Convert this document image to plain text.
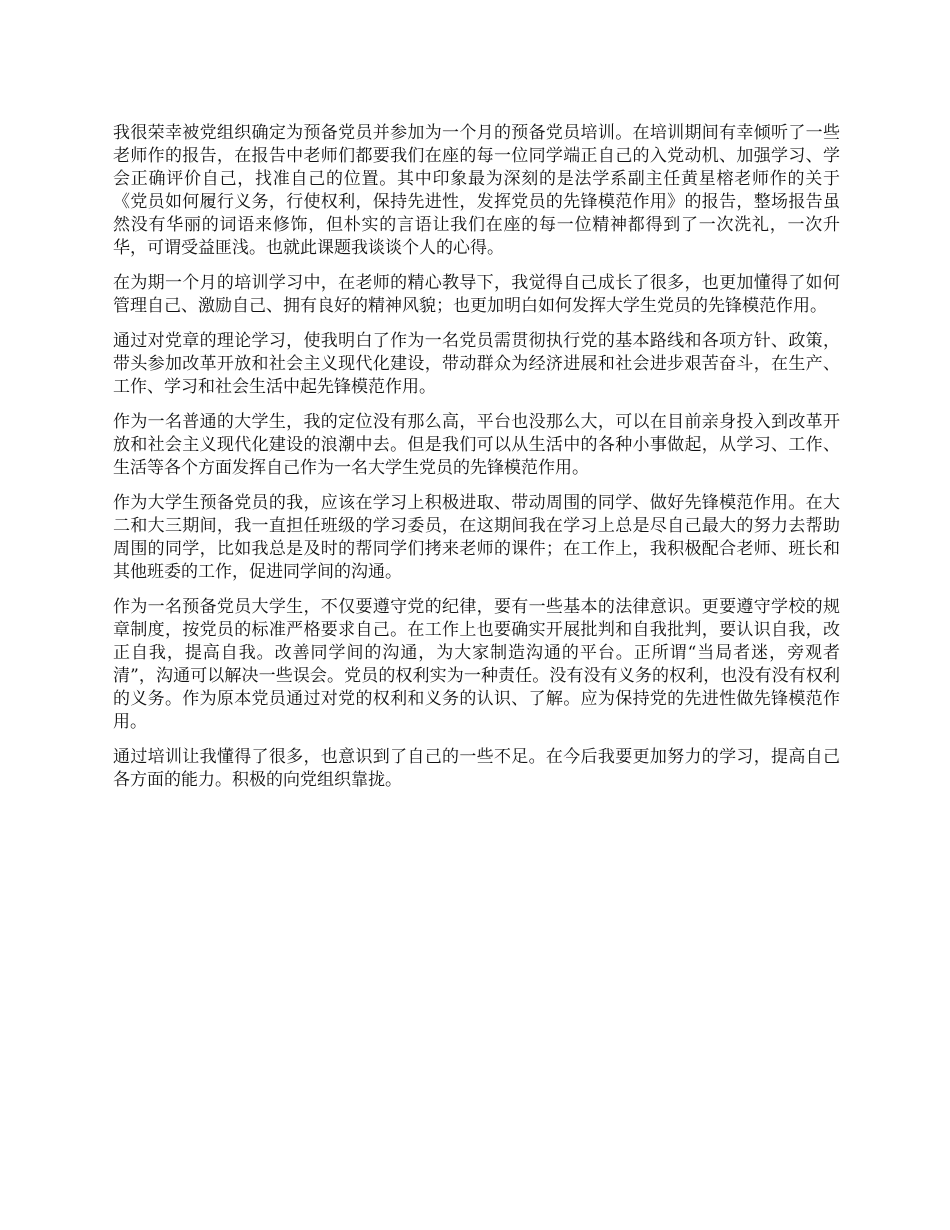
我很荣幸被党组织确定为预备党员并参加为一个月的预备党员培训。在培训期间有幸倾听了一些老师作的报告，在报告中老师们都要我们在座的每一位同学端正自己的入党动机、加强学习、学会正确评价自己，找准自己的位置。其中印象最为深刻的是法学系副主任黄星榕老师作的关于《党员如何履行义务，行使权利，保持先进性，发挥党员的先锋模范作用》的报告，整场报告虽然没有华丽的词语来修饰，但朴实的言语让我们在座的每一位精神都得到了一次洗礼，一次升华，可谓受益匪浅。也就此课题我谈谈个人的心得。

在为期一个月的培训学习中，在老师的精心教导下，我觉得自己成长了很多，也更加懂得了如何管理自己、激励自己、拥有良好的精神风貌；也更加明白如何发挥大学生党员的先锋模范作用。

通过对党章的理论学习，使我明白了作为一名党员需贯彻执行党的基本路线和各项方针、政策，带头参加改革开放和社会主义现代化建设，带动群众为经济进展和社会进步艰苦奋斗，在生产、工作、学习和社会生活中起先锋模范作用。

作为一名普通的大学生，我的定位没有那么高，平台也没那么大，可以在目前亲身投入到改革开放和社会主义现代化建设的浪潮中去。但是我们可以从生活中的各种小事做起，从学习、工作、生活等各个方面发挥自己作为一名大学生党员的先锋模范作用。

作为大学生预备党员的我，应该在学习上积极进取、带动周围的同学、做好先锋模范作用。在大二和大三期间，我一直担任班级的学习委员，在这期间我在学习上总是尽自己最大的努力去帮助周围的同学，比如我总是及时的帮同学们拷来老师的课件；在工作上，我积极配合老师、班长和其他班委的工作，促进同学间的沟通。

作为一名预备党员大学生，不仅要遵守党的纪律，要有一些基本的法律意识。更要遵守学校的规章制度，按党员的标准严格要求自己。在工作上也要确实开展批判和自我批判，要认识自我，改正自我，提高自我。改善同学间的沟通，为大家制造沟通的平台。正所谓“当局者迷，旁观者清”，沟通可以解决一些误会。党员的权利实为一种责任。没有没有义务的权利，也没有没有权利的义务。作为原本党员通过对党的权利和义务的认识、了解。应为保持党的先进性做先锋模范作用。

通过培训让我懂得了很多，也意识到了自己的一些不足。在今后我要更加努力的学习，提高自己各方面的能力。积极的向党组织靠拢。
